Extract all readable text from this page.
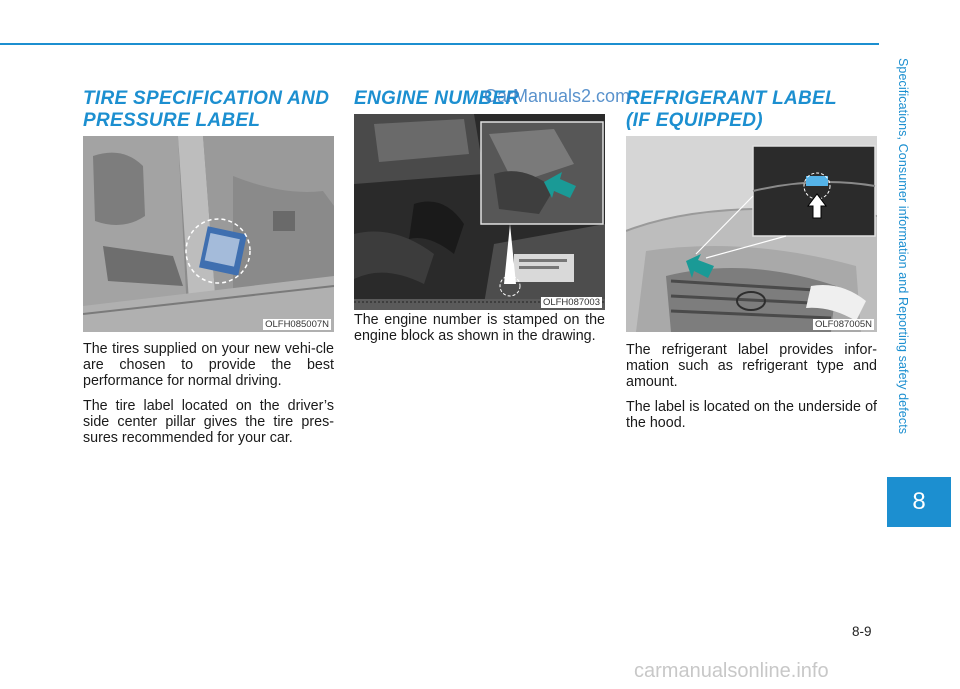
Specifications, Consumer information and Reporting safety defects
8
TIRE SPECIFICATION AND
PRESSURE LABEL
OLFH085007N

The tires supplied on your new vehi-cle are chosen to provide the best performance for normal driving.

The tire label located on the driver’s side center pillar gives the tire pres-sures recommended for your car.

ENGINE NUMBER
OLFH087003

The engine number is stamped on the engine block as shown in the drawing.

REFRIGERANT LABEL
(IF EQUIPPED)
OLF087005N

The refrigerant label provides infor-mation such as refrigerant type and amount.

The label is located on the underside of the hood.

8-9
CarManuals2.com
carmanualsonline.info
